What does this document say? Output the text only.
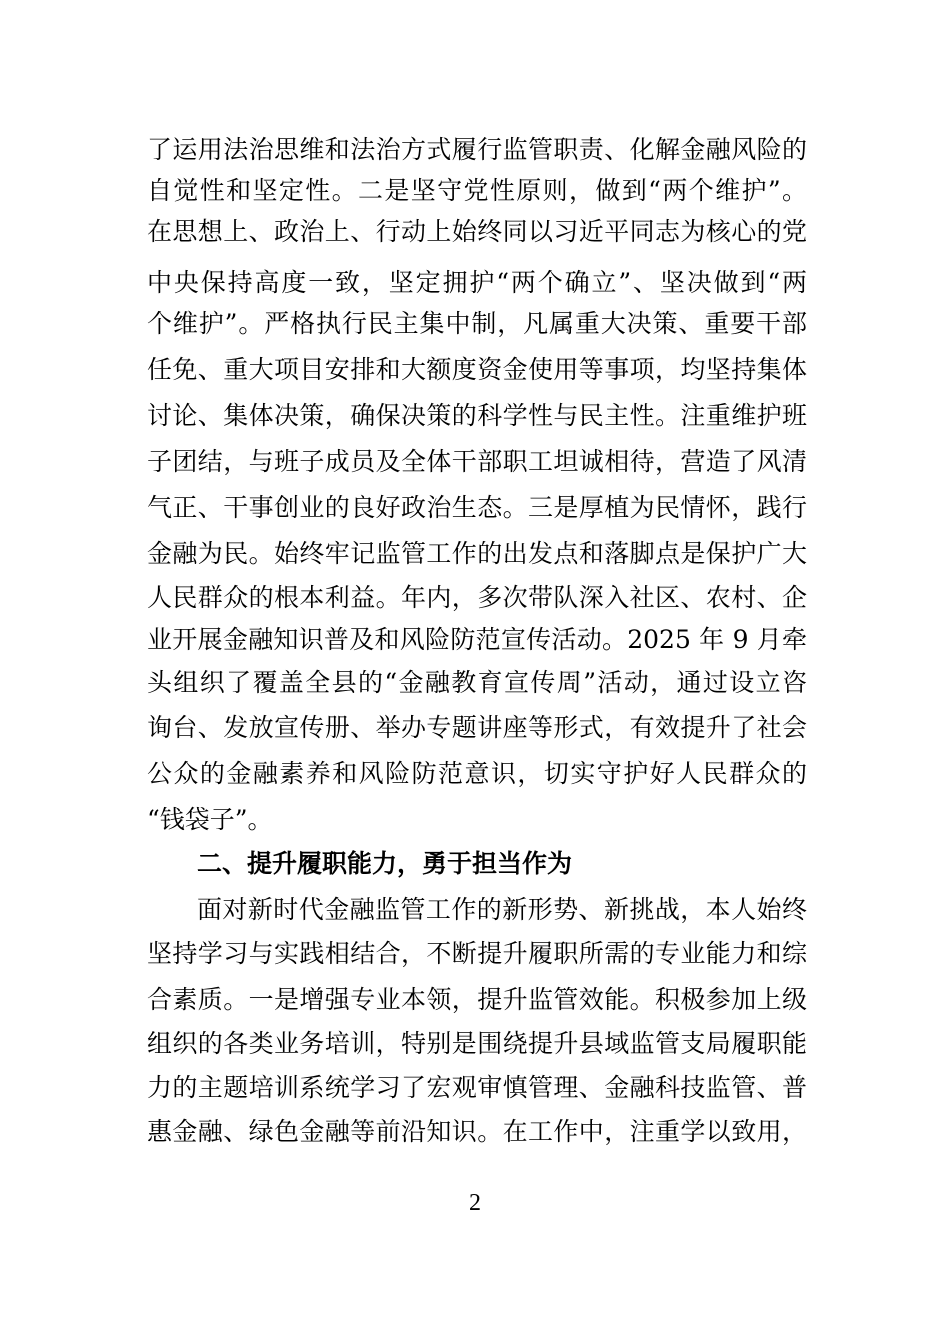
了运用法治思维和法治方式履行监管职责、化解金融风险的
自觉性和坚定性。二是坚守党性原则，做到“两个维护”。
在思想上、政治上、行动上始终同以习近平同志为核心的党
中央保持高度一致，坚定拥护“两个确立”、坚决做到“两
个维护”。严格执行民主集中制，凡属重大决策、重要干部
任免、重大项目安排和大额度资金使用等事项，均坚持集体
讨论、集体决策，确保决策的科学性与民主性。注重维护班
子团结，与班子成员及全体干部职工坦诚相待，营造了风清
气正、干事创业的良好政治生态。三是厚植为民情怀，践行
金融为民。始终牢记监管工作的出发点和落脚点是保护广大
人民群众的根本利益。年内，多次带队深入社区、农村、企
业开展金融知识普及和风险防范宣传活动。2025 年 9 月牵
头组织了覆盖全县的“金融教育宣传周”活动，通过设立咨
询台、发放宣传册、举办专题讲座等形式，有效提升了社会
公众的金融素养和风险防范意识，切实守护好人民群众的
“钱袋子”。
二、提升履职能力，勇于担当作为
面对新时代金融监管工作的新形势、新挑战，本人始终
坚持学习与实践相结合，不断提升履职所需的专业能力和综
合素质。一是增强专业本领，提升监管效能。积极参加上级
组织的各类业务培训，特别是围绕提升县域监管支局履职能
力的主题培训系统学习了宏观审慎管理、金融科技监管、普
惠金融、绿色金融等前沿知识。在工作中，注重学以致用，
2
